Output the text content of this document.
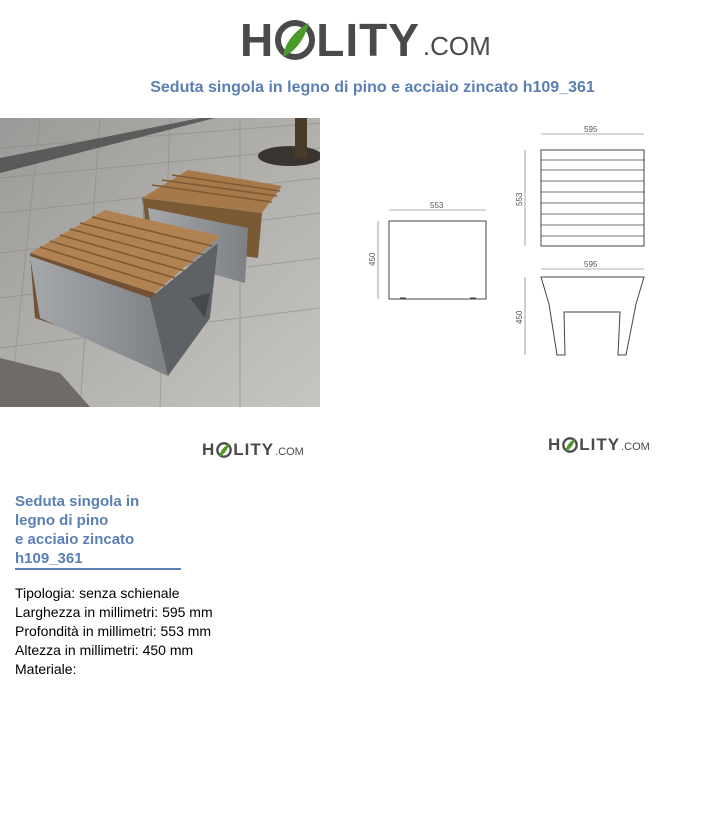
H LITY .COM
Seduta singola in legno di pino e acciaio zincato h109_361
553
450
595
553
595
450
H LITY .COM	H LITY .COM
Seduta singola in
legno di pino
e acciaio zincato
h109_361
Tipologia: senza schienale
Larghezza in millimetri: 595 mm
Profondità in millimetri: 553 mm
Altezza in millimetri: 450 mm
Materiale:
